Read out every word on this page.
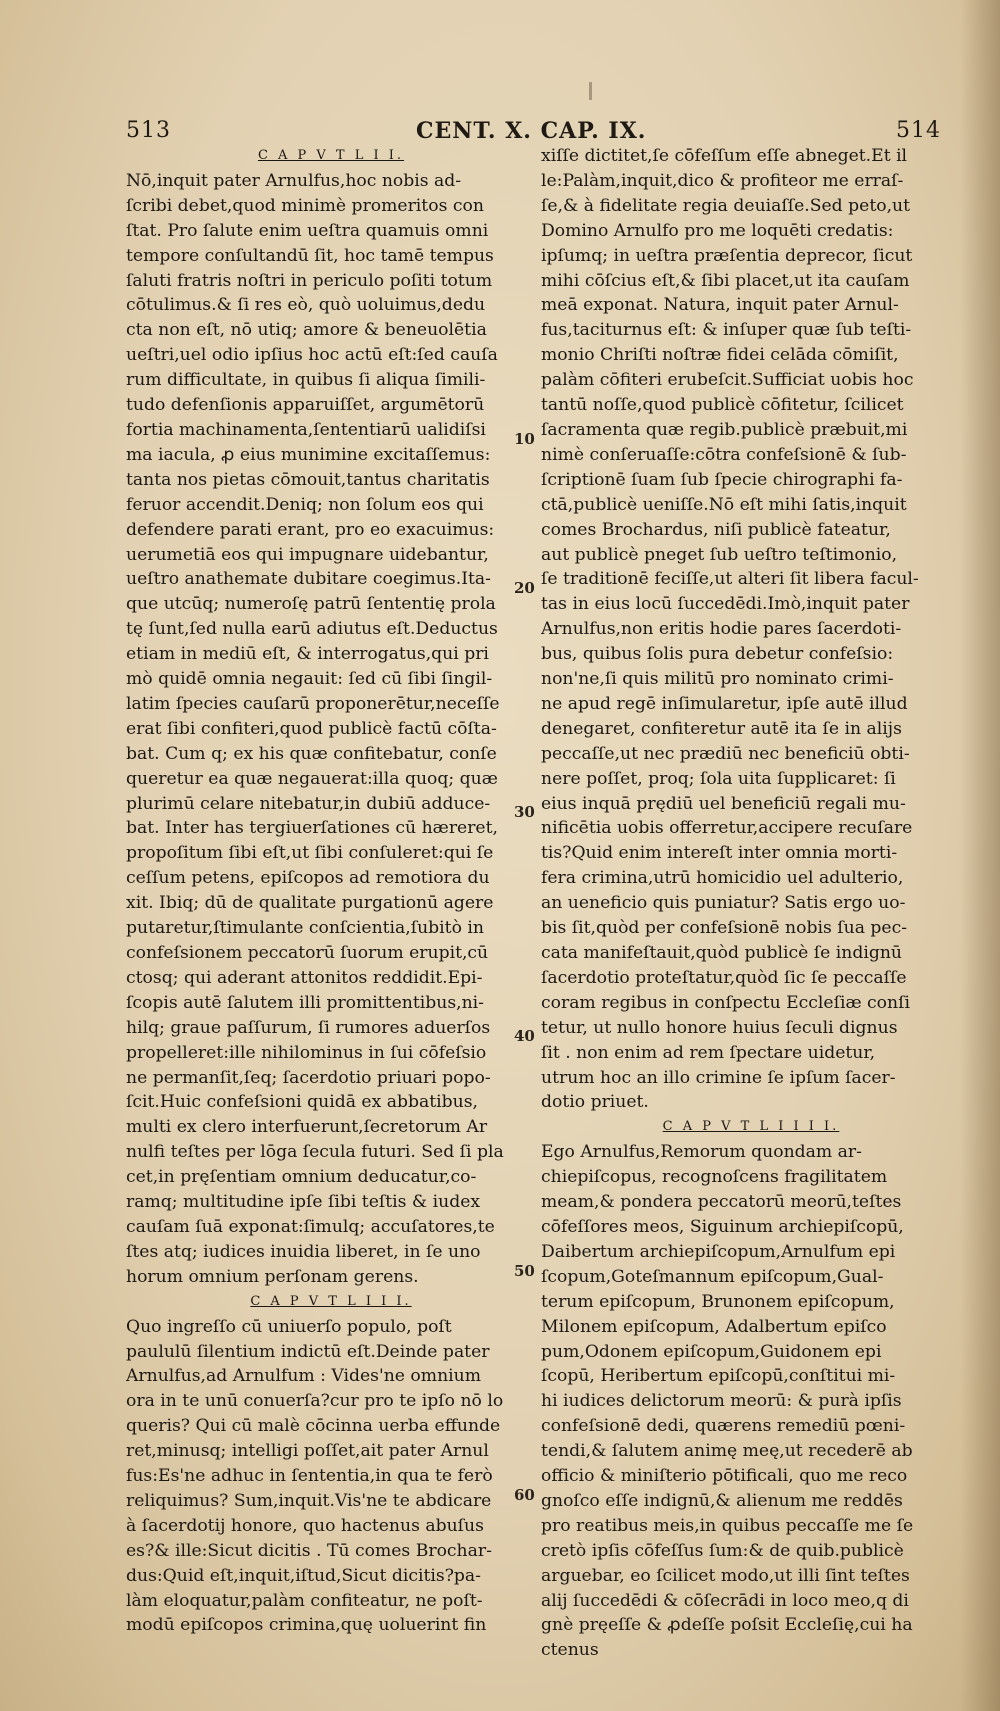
513	CENT. X. CAP. IX.	514

C A P V T L I I.

Nō,inquit pater Arnulfus,hoc nobis ad-

ſcribi debet,quod minimè promeritos con

ſtat. Pro ſalute enim ueſtra quamuis omni

tempore conſultandū ſit, hoc tamē tempus

ſaluti fratris noſtri in periculo poſiti totum

cōtulimus.& ſi res eò, quò uoluimus,dedu

cta non eſt, nō utiq; amore & beneuolētia

ueſtri,uel odio ipſius hoc actū eſt:ſed cauſa

rum difficultate, in quibus ſi aliqua ſimili-

tudo defenſionis apparuiſſet, argumētorū

fortia machinamenta,ſententiarū ualidiſsi

ma iacula, ꝓ eius munimine excitaſſemus:

tanta nos pietas cōmouit,tantus charitatis

feruor accendit.Deniq; non ſolum eos qui

defendere parati erant, pro eo exacuimus:

uerumetiā eos qui impugnare uidebantur,

ueſtro anathemate dubitare coegimus.Ita-

que utcūq; numeroſę patrū ſententię prola

tę ſunt,ſed nulla earū adiutus eſt.Deductus

etiam in mediū eſt, & interrogatus,qui pri

mò quidē omnia negauit: ſed cū ſibi ſingil-

latim ſpecies cauſarū proponerētur,neceſſe

erat ſibi confiteri,quod publicè factū cōſta-

bat. Cum q; ex his quæ confitebatur, conſe

queretur ea quæ negauerat:illa quoq; quæ

plurimū celare nitebatur,in dubiū adduce-

bat. Inter has tergiuerſationes cū hæreret,

propoſitum ſibi eſt,ut ſibi conſuleret:qui ſe

ceſſum petens, epiſcopos ad remotiora du

xit. Ibiq; dū de qualitate purgationū agere

putaretur,ſtimulante conſcientia,ſubitò in

confeſsionem peccatorū ſuorum erupit,cū

ctosq; qui aderant attonitos reddidit.Epi-

ſcopis autē ſalutem illi promittentibus,ni-

hilq; graue paſſurum, ſi rumores aduerſos

propelleret:ille nihilominus in ſui cōfeſsio

ne permanſit,ſeq; ſacerdotio priuari popo-

ſcit.Huic confeſsioni quidā ex abbatibus,

multi ex clero interfuerunt,ſecretorum Ar

nulfi teſtes per lōga ſecula futuri. Sed ſi pla

cet,in pręſentiam omnium deducatur,co-

ramq; multitudine ipſe ſibi teſtis & iudex

cauſam ſuā exponat:ſimulq; accuſatores,te

ſtes atq; iudices inuidia liberet, in ſe uno

horum omnium perſonam gerens.

C A P V T L I I I.

Quo ingreſſo cū uniuerſo populo, poſt

paululū ſilentium indictū eſt.Deinde pater

Arnulfus,ad Arnulfum : Vides'ne omnium

ora in te unū conuerſa?cur pro te ipſo nō lo

queris? Qui cū malè cōcinna uerba effunde

ret,minusq; intelligi poſſet,ait pater Arnul

fus:Es'ne adhuc in ſententia,in qua te ferò

reliquimus? Sum,inquit.Vis'ne te abdicare

à ſacerdotij honore, quo hactenus abuſus

es?& ille:Sicut dicitis . Tū comes Brochar-

dus:Quid eſt,inquit,iſtud,Sicut dicitis?pa-

làm eloquatur,palàm confiteatur, ne poſt-

modū epiſcopos crimina,quę uoluerint fin

xiſſe dictitet,ſe cōfeſſum eſſe abneget.Et il

le:Palàm,inquit,dico & profiteor me erraſ-

ſe,& à fidelitate regia deuiaſſe.Sed peto,ut

Domino Arnulfo pro me loquēti credatis:

ipſumq; in ueſtra præſentia deprecor, ſicut

mihi cōſcius eſt,& ſibi placet,ut ita cauſam

meā exponat. Natura, inquit pater Arnul-

fus,taciturnus eſt: & inſuper quæ ſub teſti-

monio Chriſti noſtræ fidei celāda cōmiſit,

palàm cōfiteri erubeſcit.Sufficiat uobis hoc

tantū noſſe,quod publicè cōfitetur, ſcilicet

ſacramenta quæ regib.publicè præbuit,mi

nimè conſeruaſſe:cōtra confeſsionē & ſub-

ſcriptionē ſuam ſub ſpecie chirographi fa-

ctā,publicè ueniſſe.Nō eſt mihi ſatis,inquit

comes Brochardus, niſi publicè fateatur,

aut publicè pneget ſub ueſtro teſtimonio,

ſe traditionē feciſſe,ut alteri ſit libera facul-

tas in eius locū ſuccedēdi.Imò,inquit pater

Arnulfus,non eritis hodie pares ſacerdoti-

bus, quibus ſolis pura debetur confeſsio:

non'ne,ſi quis militū pro nominato crimi-

ne apud regē inſimularetur, ipſe autē illud

denegaret, confiteretur autē ita ſe in alijs

peccaſſe,ut nec prædiū nec beneficiū obti-

nere poſſet, proq; ſola uita ſupplicaret: ſi

eius inquā prędiū uel beneficiū regali mu-

nificētia uobis offerretur,accipere recuſare

tis?Quid enim intereſt inter omnia morti-

fera crimina,utrū homicidio uel adulterio,

an ueneficio quis puniatur? Satis ergo uo-

bis ſit,quòd per confeſsionē nobis ſua pec-

cata manifeſtauit,quòd publicè ſe indignū

ſacerdotio proteſtatur,quòd ſic ſe peccaſſe

coram regibus in conſpectu Eccleſiæ conſi

tetur, ut nullo honore huius ſeculi dignus

ſit . non enim ad rem ſpectare uidetur,

utrum hoc an illo crimine ſe ipſum ſacer-

dotio priuet.

C A P V T L I I I I.

Ego Arnulfus,Remorum quondam ar-

chiepiſcopus, recognoſcens fragilitatem

meam,& pondera peccatorū meorū,teſtes

cōfeſſores meos, Siguinum archiepiſcopū,

Daibertum archiepiſcopum,Arnulfum epi

ſcopum,Goteſmannum epiſcopum,Gual-

terum epiſcopum, Brunonem epiſcopum,

Milonem epiſcopum, Adalbertum epiſco

pum,Odonem epiſcopum,Guidonem epi

ſcopū, Heribertum epiſcopū,conſtitui mi-

hi iudices delictorum meorū: & purà ipſis

confeſsionē dedi, quærens remediū pœni-

tendi,& ſalutem animę meę,ut recederē ab

officio & miniſterio pōtificali, quo me reco

gnoſco eſſe indignū,& alienum me reddēs

pro reatibus meis,in quibus peccaſſe me ſe

cretò ipſis cōfeſſus ſum:& de quib.publicè

arguebar, eo ſcilicet modo,ut illi ſint teſtes

alij ſuccedēdi & cōſecrādi in loco meo,q di

gnè pręeſſe & ꝓdeſſe poſsit Eccleſię,cui ha

ctenus

10
20
30
40
50
60
